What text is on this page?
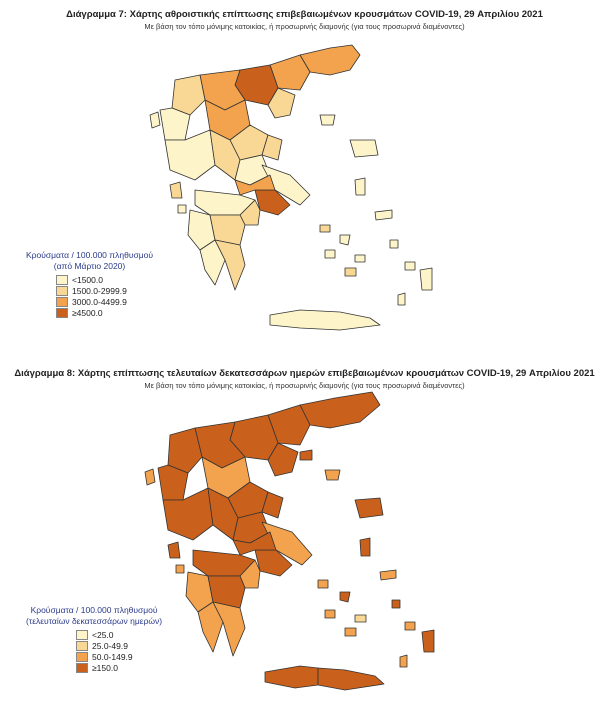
Διάγραμμα 7: Χάρτης αθροιστικής επίπτωσης επιβεβαιωμένων κρουσμάτων COVID-19, 29 Απριλίου 2021
Με βάση τον τόπο μόνιμης κατοικίας, ή προσωρινής διαμονής (για τους προσωρινά διαμένοντες)
Κρούσματα / 100.000 πληθυσμού
(από Μάρτιο 2020)
<1500.0
1500.0-2999.9
3000.0-4499.9
≥4500.0
Διάγραμμα 8: Χάρτης επίπτωσης τελευταίων δεκατεσσάρων ημερών επιβεβαιωμένων κρουσμάτων COVID-19, 29 Απριλίου 2021
Με βάση τον τόπο μόνιμης κατοικίας, ή προσωρινής διαμονής (για τους προσωρινά διαμένοντες)
Κρούσματα / 100.000 πληθυσμού
(τελευταίων δεκατεσσάρων ημερών)
<25.0
25.0-49.9
50.0-149.9
≥150.0
